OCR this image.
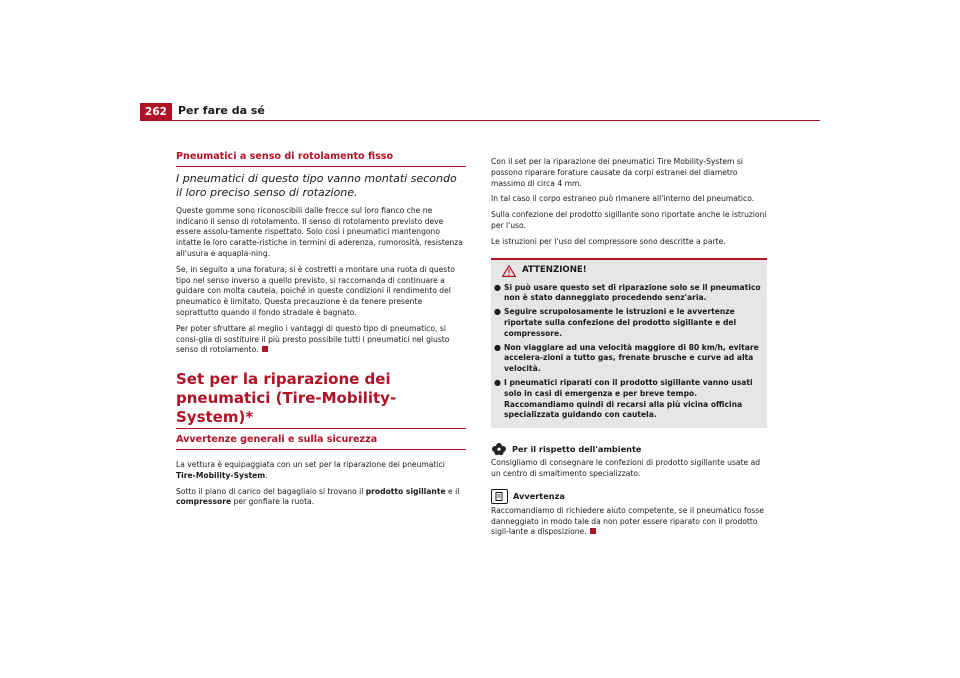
262	Per fare da sé
Pneumatici a senso di rotolamento fisso
I pneumatici di questo tipo vanno montati secondo il loro preciso senso di rotazione.

Queste gomme sono riconoscibili dalle frecce sul loro fianco che ne indicano il senso di rotolamento. Il senso di rotolamento previsto deve essere assolu-tamente rispettato. Solo così i pneumatici mantengono intatte le loro caratte-ristiche in termini di aderenza, rumorosità, resistenza all'usura e aquapla-ning.

Se, in seguito a una foratura, si è costretti a montare una ruota di questo tipo nel senso inverso a quello previsto, si raccomanda di continuare a guidare con molta cautela, poiché in queste condizioni il rendimento del pneumatico è limitato. Questa precauzione è da tenere presente soprattutto quando il fondo stradale è bagnato.

Per poter sfruttare al meglio i vantaggi di questo tipo di pneumatico, si consi-glia di sostituire il più presto possibile tutti i pneumatici nel giusto senso di rotolamento.

Set per la riparazione dei pneumatici (Tire-Mobility-System)*
Avvertenze generali e sulla sicurezza

La vettura è equipaggiata con un set per la riparazione dei pneumatici Tire-Mobility-System.

Sotto il piano di carico del bagagliaio si trovano il prodotto sigillante e il compressore per gonfiare la ruota.

Con il set per la riparazione dei pneumatici Tire Mobility-System si possono riparare forature causate da corpi estranei del diametro massimo di circa 4 mm.

In tal caso il corpo estraneo può rimanere all'interno del pneumatico.

Sulla confezione del prodotto sigillante sono riportate anche le istruzioni per l'uso.

Le istruzioni per l'uso del compressore sono descritte a parte.

ATTENZIONE!
● Si può usare questo set di riparazione solo se il pneumatico non è stato danneggiato procedendo senz'aria.
● Seguire scrupolosamente le istruzioni e le avvertenze riportate sulla confezione del prodotto sigillante e del compressore.
● Non viaggiare ad una velocità maggiore di 80 km/h, evitare accelera-zioni a tutto gas, frenate brusche e curve ad alta velocità.
● I pneumatici riparati con il prodotto sigillante vanno usati solo in casi di emergenza e per breve tempo. Raccomandiamo quindi di recarsi alla più vicina officina specializzata guidando con cautela.
Per il rispetto dell'ambiente

Consigliamo di consegnare le confezioni di prodotto sigillante usate ad un centro di smaltimento specializzato.

Avvertenza

Raccomandiamo di richiedere aiuto competente, se il pneumatico fosse danneggiato in modo tale da non poter essere riparato con il prodotto sigil-lante a disposizione.
